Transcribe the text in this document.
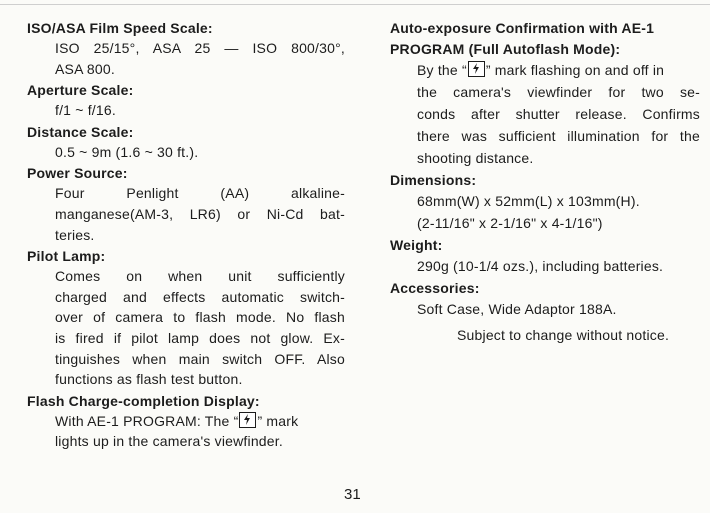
ISO/ASA Film Speed Scale:
ISO 25/15°, ASA 25 — ISO 800/30°,
ASA 800.
Aperture Scale:
f/1 ~ f/16.
Distance Scale:
0.5 ~ 9m (1.6 ~ 30 ft.).
Power Source:
Four Penlight (AA) alkaline-
manganese(AM-3, LR6) or Ni-Cd bat-
teries.
Pilot Lamp:
Comes on when unit sufficiently
charged and effects automatic switch-
over of camera to flash mode. No flash
is fired if pilot lamp does not glow. Ex-
tinguishes when main switch OFF. Also
functions as flash test button.
Flash Charge-completion Display:
With AE-1 PROGRAM: The “ ” mark
lights up in the camera's viewfinder.
Auto-exposure Confirmation with AE-1
PROGRAM (Full Autoflash Mode):
By the “ ” mark flashing on and off in
the camera's viewfinder for two se-
conds after shutter release. Confirms
there was sufficient illumination for the
shooting distance.
Dimensions:
68mm(W) x 52mm(L) x 103mm(H).
(2-11/16" x 2-1/16" x 4-1/16")
Weight:
290g (10-1/4 ozs.), including batteries.
Accessories:
Soft Case, Wide Adaptor 188A.
Subject to change without notice.
31
